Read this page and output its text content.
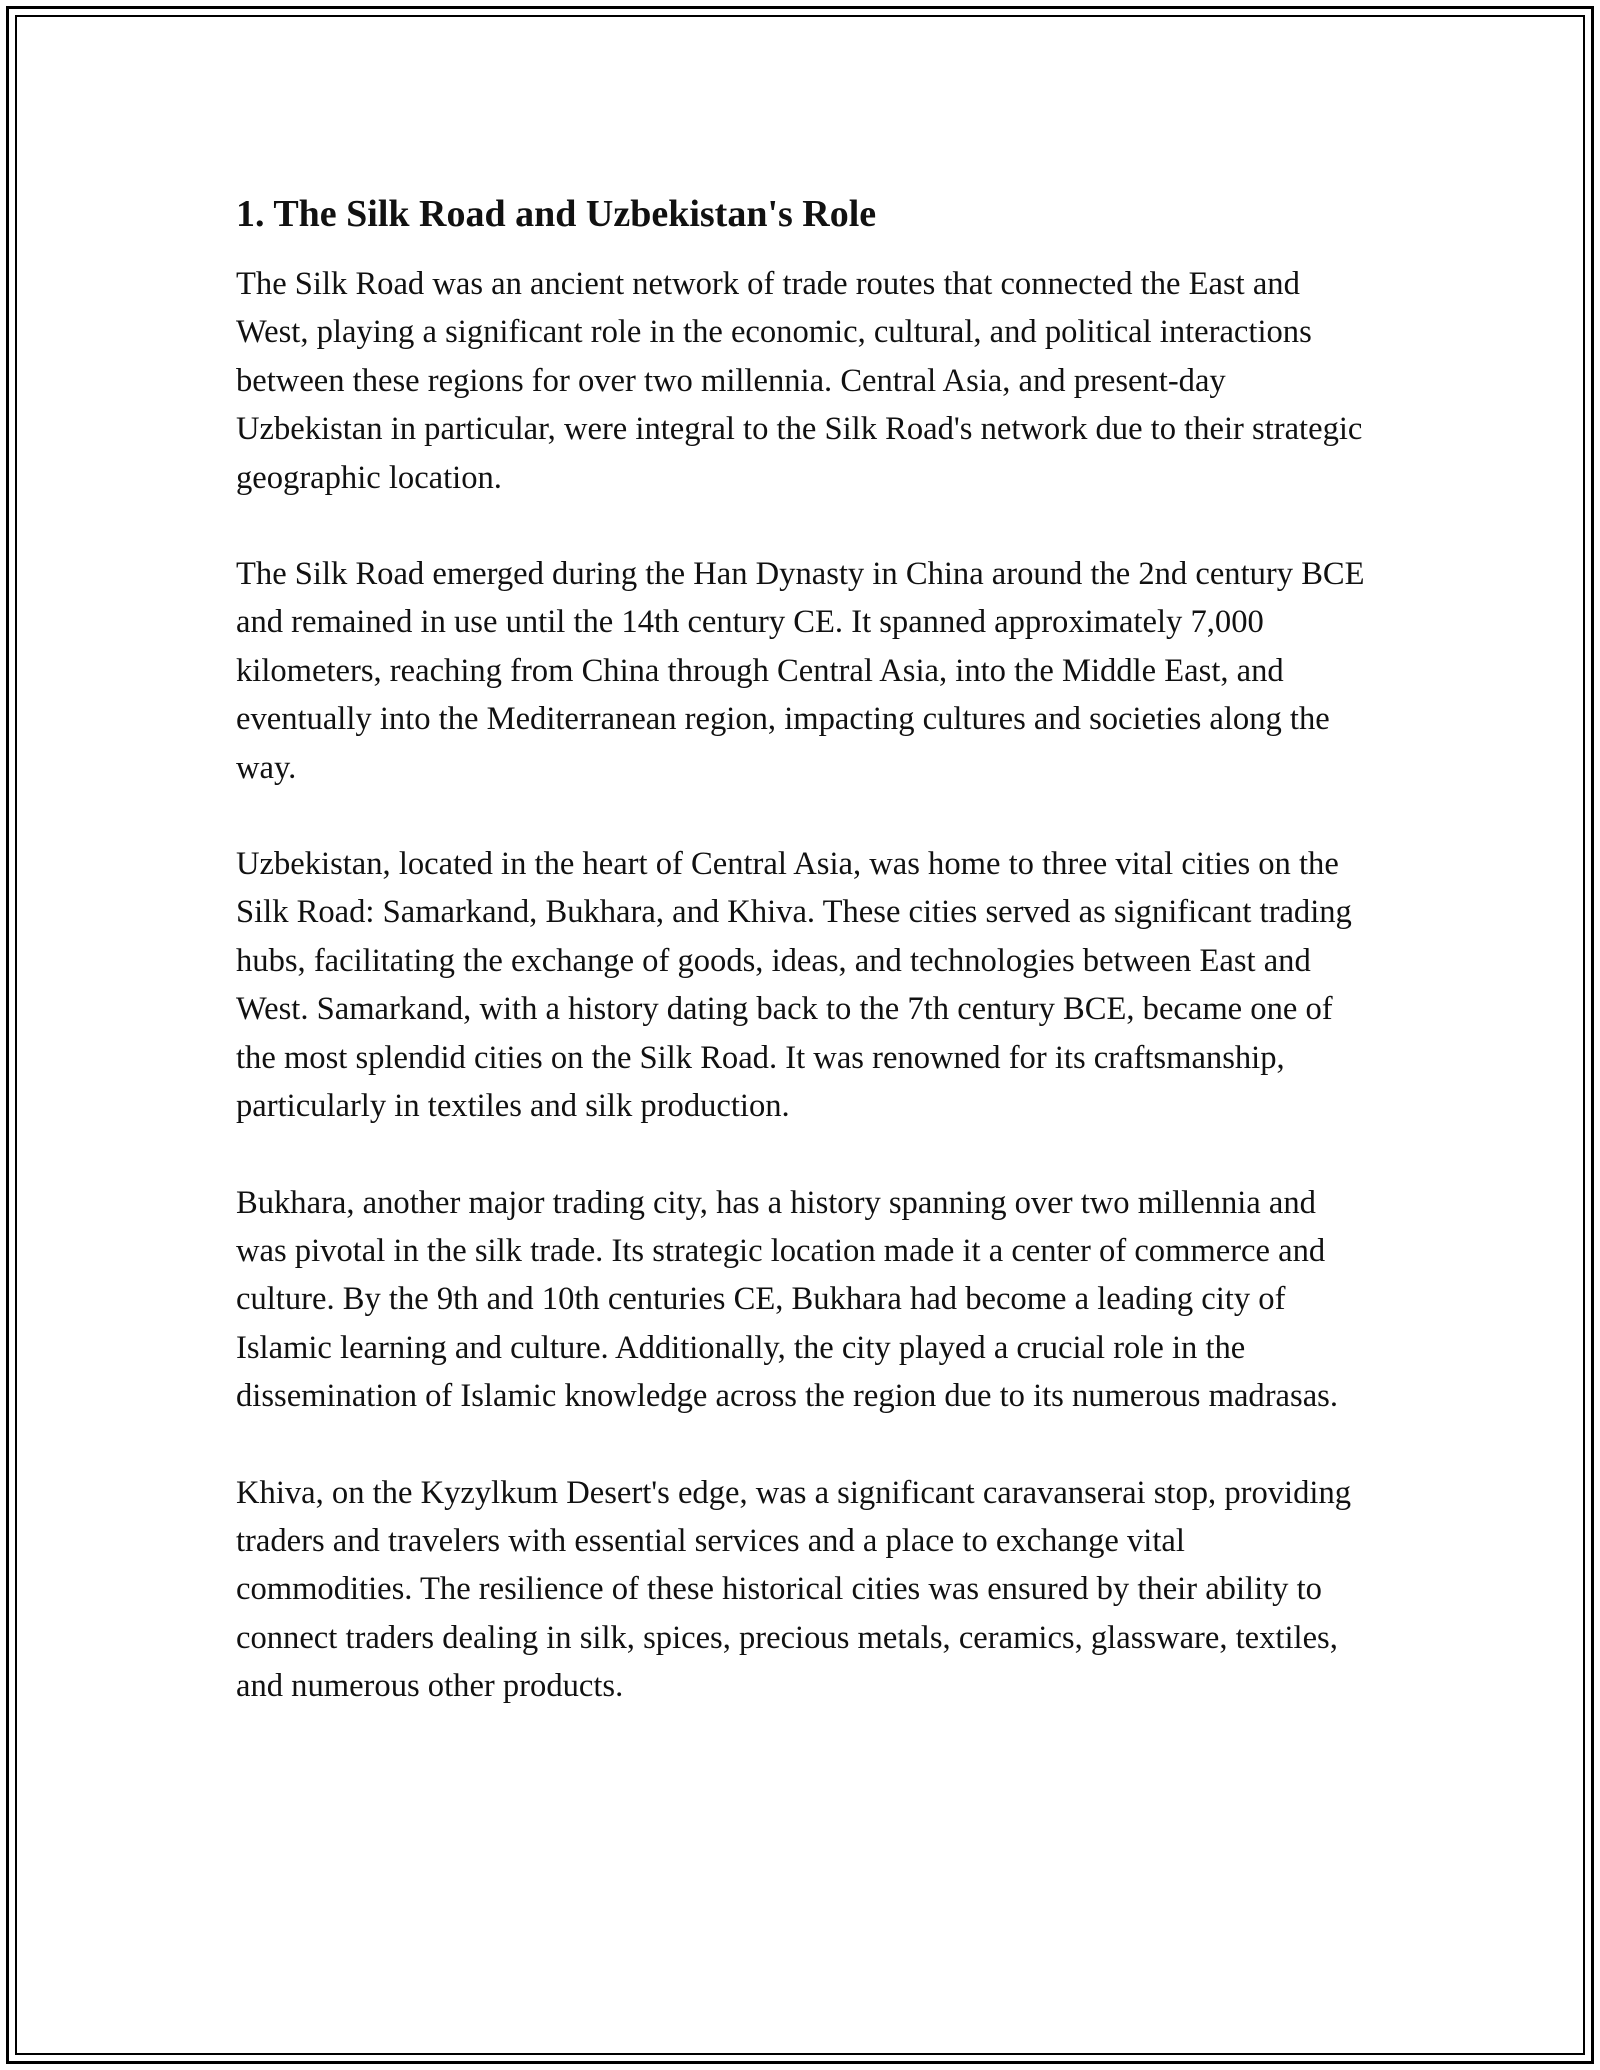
1. The Silk Road and Uzbekistan's Role

The Silk Road was an ancient network of trade routes that connected the East and West, playing a significant role in the economic, cultural, and political interactions between these regions for over two millennia. Central Asia, and present-day Uzbekistan in particular, were integral to the Silk Road's network due to their strategic geographic location.

The Silk Road emerged during the Han Dynasty in China around the 2nd century BCE and remained in use until the 14th century CE. It spanned approximately 7,000 kilometers, reaching from China through Central Asia, into the Middle East, and eventually into the Mediterranean region, impacting cultures and societies along the way.

Uzbekistan, located in the heart of Central Asia, was home to three vital cities on the Silk Road: Samarkand, Bukhara, and Khiva. These cities served as significant trading hubs, facilitating the exchange of goods, ideas, and technologies between East and West. Samarkand, with a history dating back to the 7th century BCE, became one of the most splendid cities on the Silk Road. It was renowned for its craftsmanship, particularly in textiles and silk production.

Bukhara, another major trading city, has a history spanning over two millennia and was pivotal in the silk trade. Its strategic location made it a center of commerce and culture. By the 9th and 10th centuries CE, Bukhara had become a leading city of Islamic learning and culture. Additionally, the city played a crucial role in the dissemination of Islamic knowledge across the region due to its numerous madrasas.

Khiva, on the Kyzylkum Desert's edge, was a significant caravanserai stop, providing traders and travelers with essential services and a place to exchange vital commodities. The resilience of these historical cities was ensured by their ability to connect traders dealing in silk, spices, precious metals, ceramics, glassware, textiles, and numerous other products.
